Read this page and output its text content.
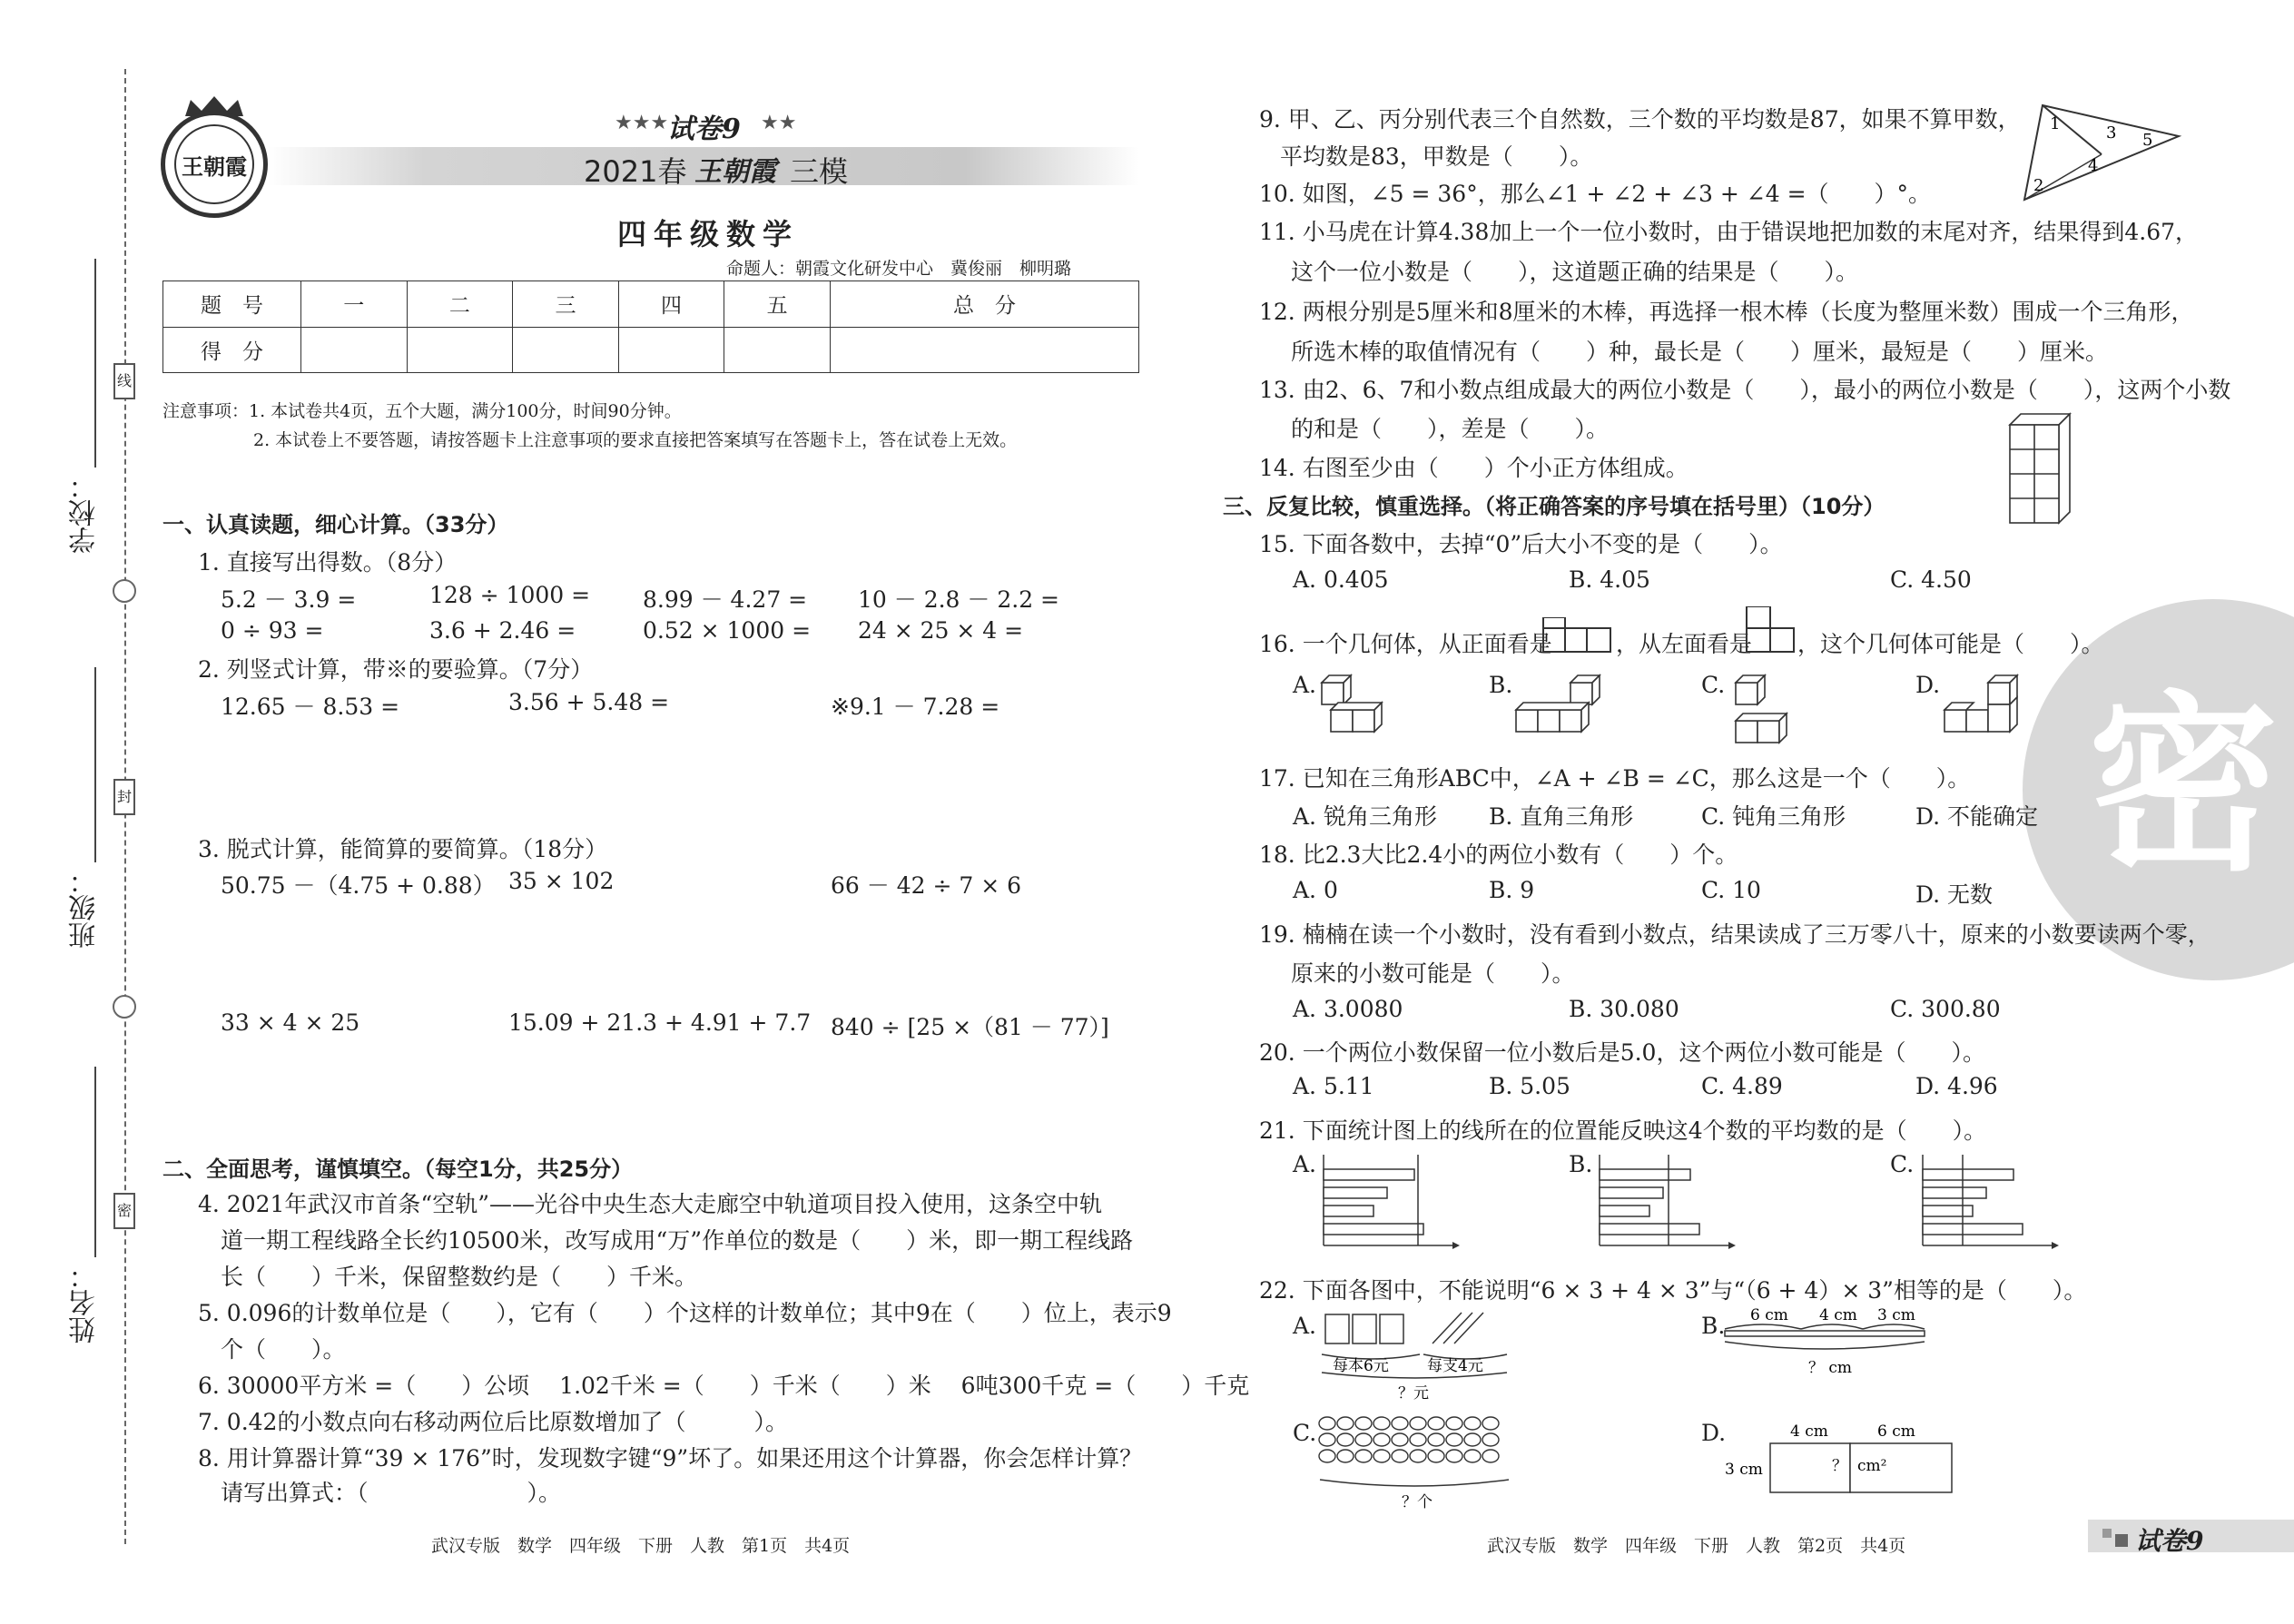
线
封
密
学校：
班级：
姓名：
王朝霞
★★★
试卷9 ★★
2021春 王朝霞 三模
四年级数学
命题人：朝霞文化研发中心　冀俊丽　柳明璐
题　号	一	二	三	四	五	总　分
得　分						
注意事项：1. 本试卷共4页，五个大题，满分100分，时间90分钟。
2. 本试卷上不要答题，请按答题卡上注意事项的要求直接把答案填写在答题卡上，答在试卷上无效。
一、认真读题，细心计算。（33分）
1. 直接写出得数。（8分）
5.2 － 3.9 =	128 ÷ 1000 = 8.99 － 4.27 = 10 － 2.8 － 2.2 =
0 ÷ 93 =	3.6 + 2.46 =	0.52 × 1000 = 24 × 25 × 4 =
2. 列竖式计算，带※的要验算。（7分）
12.65 － 8.53 =	3.56 + 5.48 =	※9.1 － 7.28 =
3. 脱式计算，能简算的要简算。（18分）
50.75 －（4.75 + 0.88） 35 × 102	66 － 42 ÷ 7 × 6
33 × 4 × 25	15.09 + 21.3 + 4.91 + 7.7 840 ÷ [25 ×（81 － 77）]
二、全面思考，谨慎填空。（每空1分，共25分）
4. 2021年武汉市首条“空轨”——光谷中央生态大走廊空中轨道项目投入使用，这条空中轨
道一期工程线路全长约10500米，改写成用“万”作单位的数是（　　）米，即一期工程线路
长（　　）千米，保留整数约是（　　）千米。
5. 0.096的计数单位是（　　），它有（　　）个这样的计数单位；其中9在（　　）位上，表示9
个（　　）。
6. 30000平方米 =（　　）公顷　 1.02千米 =（　　）千米（　　）米　 6吨300千克 =（　　）千克
7. 0.42的小数点向右移动两位后比原数增加了（　　　）。
8. 用计算器计算“39 × 176”时，发现数字键“9”坏了。如果还用这个计算器，你会怎样计算？
请写出算式：（　　　　　　　）。
武汉专版　数学　四年级　下册　人教　第1页　共4页
密
9. 甲、乙、丙分别代表三个自然数，三个数的平均数是87，如果不算甲数，
平均数是83，甲数是（　　）。
1
2
3
4
5
10. 如图，∠5 = 36°，那么∠1 + ∠2 + ∠3 + ∠4 =（　　）°。
11. 小马虎在计算4.38加上一个一位小数时，由于错误地把加数的末尾对齐，结果得到4.67，
这个一位小数是（　　），这道题正确的结果是（　　）。
12. 两根分别是5厘米和8厘米的木棒，再选择一根木棒（长度为整厘米数）围成一个三角形，
所选木棒的取值情况有（　　）种，最长是（　　）厘米，最短是（　　）厘米。
13. 由2、6、7和小数点组成最大的两位小数是（　　），最小的两位小数是（　　），这两个小数
的和是（　　），差是（　　）。
14. 右图至少由（　　）个小正方体组成。
三、反复比较，慎重选择。（将正确答案的序号填在括号里）（10分）
15. 下面各数中，去掉“0”后大小不变的是（　　）。
A. 0.405	B. 4.05	C. 4.50
16. 一个几何体，从正面看是	，从左面看是 ，这个几何体可能是（　　）。
A.	B.	C.	D.
17. 已知在三角形ABC中，∠A + ∠B = ∠C，那么这是一个（　　）。
A. 锐角三角形 B. 直角三角形	C. 钝角三角形	D. 不能确定
18. 比2.3大比2.4小的两位小数有（　　）个。
A. 0	B. 9	C. 10	D. 无数
19. 楠楠在读一个小数时，没有看到小数点，结果读成了三万零八十，原来的小数要读两个零，
原来的小数可能是（　　）。
A. 3.0080	B. 30.080	C. 300.80
20. 一个两位小数保留一位小数后是5.0，这个两位小数可能是（　　）。
A. 5.11	B. 5.05	C. 4.89	D. 4.96
21. 下面统计图上的线所在的位置能反映这4个数的平均数的是（　　）。
A.	B.	C.
22. 下面各图中，不能说明“6 × 3 + 4 × 3”与“（6 + 4）× 3”相等的是（　　）。
A.
每本6元 每支4元
？元
B. 6 cm 4 cm 3 cm
？ cm
C.
？个
D.	4 cm	6 cm
3 cm	？ cm²
武汉专版　数学　四年级　下册　人教　第2页　共4页	试卷9
